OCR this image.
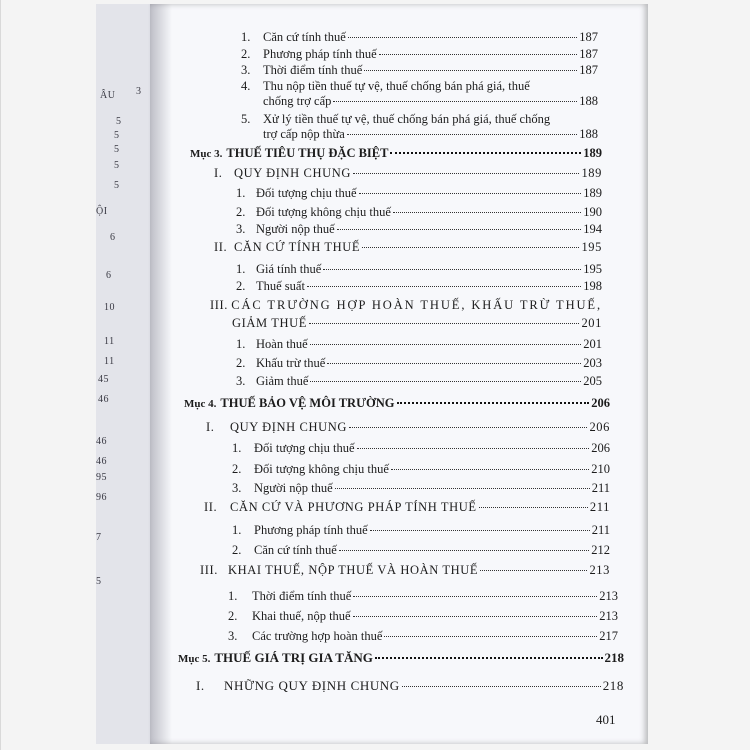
3
ÂU
5
5
5
5
5
ỘI
6
6
10
11
11
45
46
46
46
95
96
7
5
1.	Căn cứ tính thuế	187
2.	Phương pháp tính thuế	187
3.	Thời điểm tính thuế	187
4.	Thu nộp tiền thuế tự vệ, thuế chống bán phá giá, thuế
chống trợ cấp	188
5.	Xử lý tiền thuế tự vệ, thuế chống bán phá giá, thuế chống
trợ cấp nộp thừa	188
Mục 3. THUẾ TIÊU THỤ ĐẶC BIỆT	189
I. QUY ĐỊNH CHUNG	189
1. Đối tượng chịu thuế	189
2. Đối tượng không chịu thuế	190
3. Người nộp thuế	194
II. CĂN CỨ TÍNH THUẾ	195
1. Giá tính thuế	195
2. Thuế suất	198
III. CÁC TRƯỜNG HỢP HOÀN THUẾ, KHẤU TRỪ THUẾ,
GIẢM THUẾ	201
1. Hoàn thuế	201
2. Khấu trừ thuế	203
3. Giảm thuế	205
Mục 4. THUẾ BẢO VỆ MÔI TRƯỜNG	206
I.	QUY ĐỊNH CHUNG	206
1.	Đối tượng chịu thuế	206
2.	Đối tượng không chịu thuế	210
3.	Người nộp thuế	211
II.	CĂN CỨ VÀ PHƯƠNG PHÁP TÍNH THUẾ	211
1.	Phương pháp tính thuế	211
2.	Căn cứ tính thuế	212
III. KHAI THUẾ, NỘP THUẾ VÀ HOÀN THUẾ	213
1.	Thời điểm tính thuế	213
2.	Khai thuế, nộp thuế	213
3.	Các trường hợp hoàn thuế	217
Mục 5. THUẾ GIÁ TRỊ GIA TĂNG	218
I.	NHỮNG QUY ĐỊNH CHUNG	218
401
